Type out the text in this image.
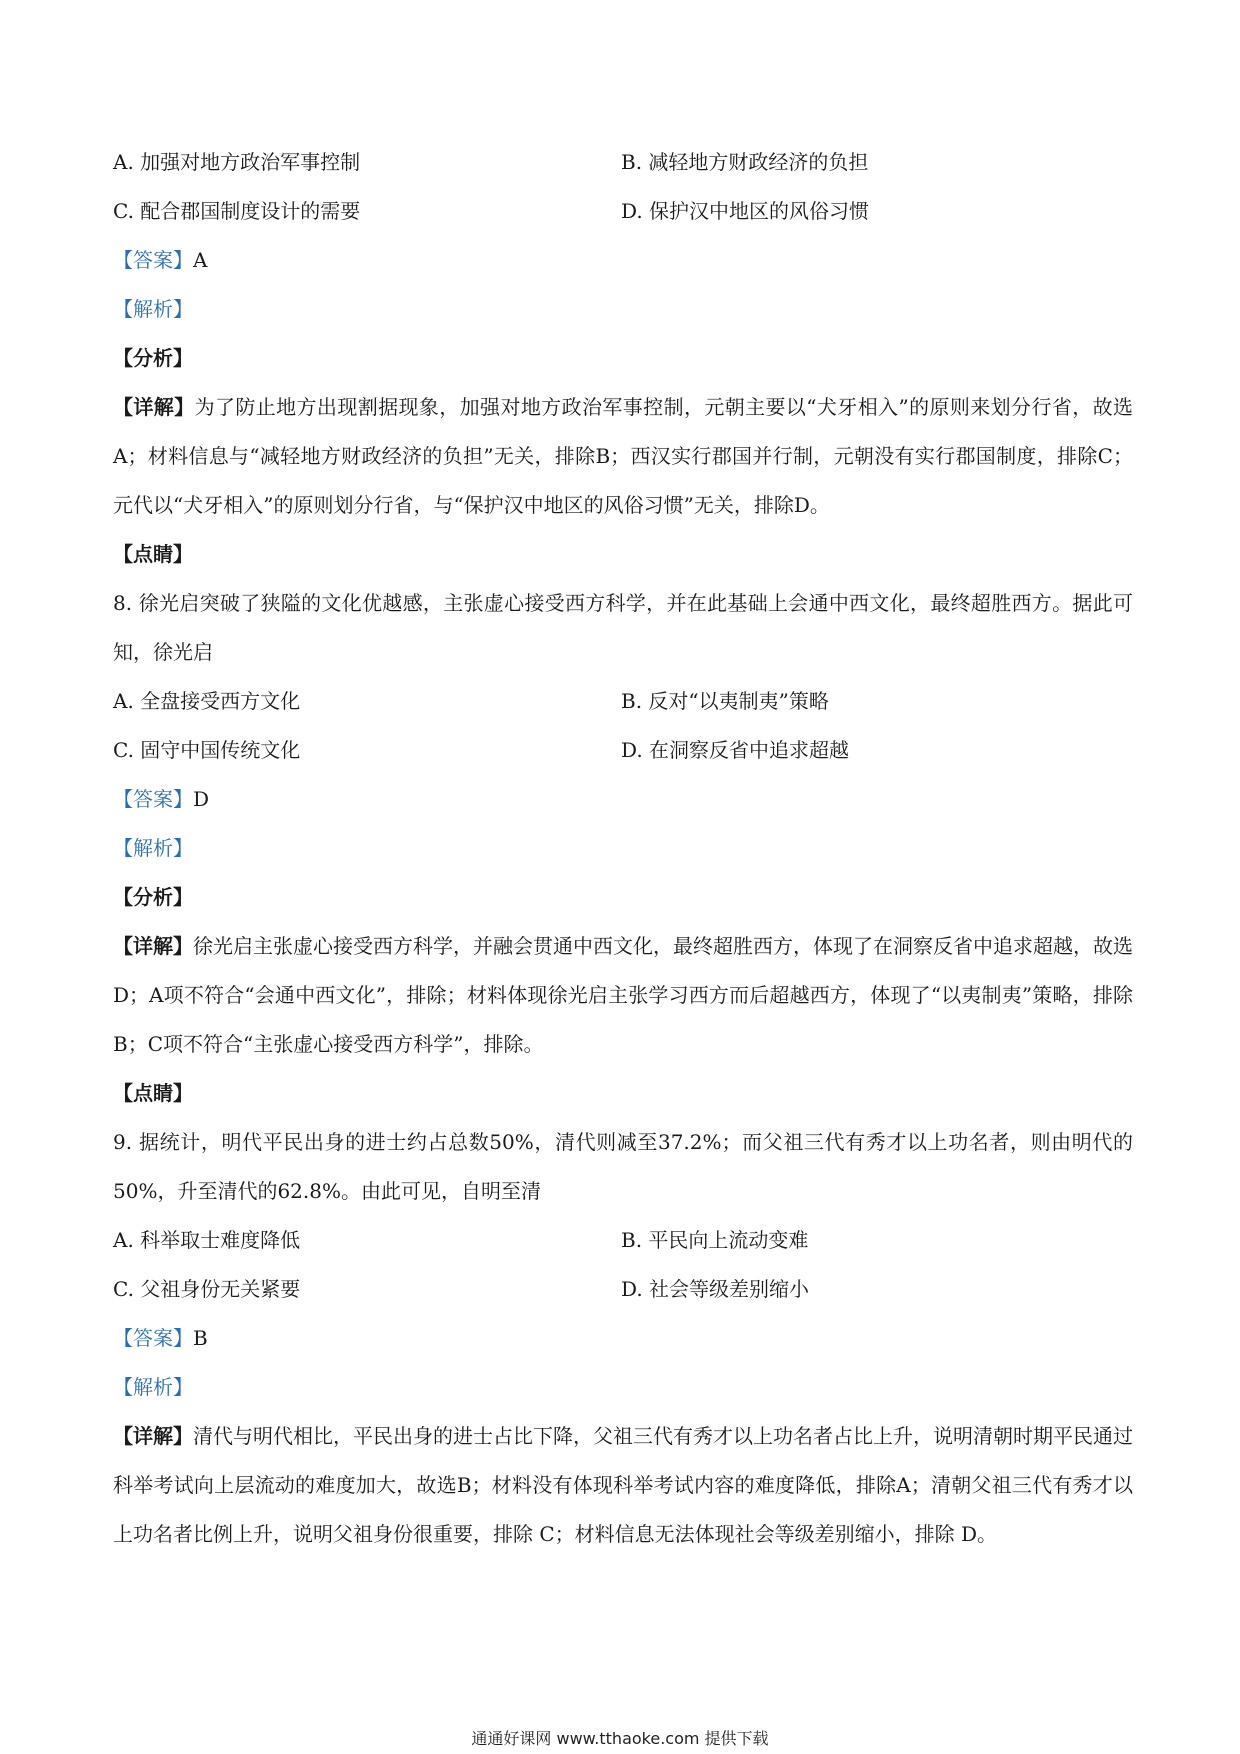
A. 加强对地方政治军事控制	B. 减轻地方财政经济的负担
C. 配合郡国制度设计的需要	D. 保护汉中地区的风俗习惯
【答案】A
【解析】
【分析】
【详解】为了防止地方出现割据现象，加强对地方政治军事控制，元朝主要以“犬牙相入”的原则来划分行省，故选A；材料信息与“减轻地方财政经济的负担”无关，排除B；西汉实行郡国并行制，元朝没有实行郡国制度，排除C；元代以“犬牙相入”的原则划分行省，与“保护汉中地区的风俗习惯”无关，排除D。
【点睛】
8. 徐光启突破了狭隘的文化优越感，主张虚心接受西方科学，并在此基础上会通中西文化，最终超胜西方。据此可知，徐光启
A. 全盘接受西方文化	B. 反对“以夷制夷”策略
C. 固守中国传统文化	D. 在洞察反省中追求超越
【答案】D
【解析】
【分析】
【详解】徐光启主张虚心接受西方科学，并融会贯通中西文化，最终超胜西方，体现了在洞察反省中追求超越，故选D；A项不符合“会通中西文化”，排除；材料体现徐光启主张学习西方而后超越西方，体现了“以夷制夷”策略，排除B；C项不符合“主张虚心接受西方科学”，排除。
【点睛】
9. 据统计，明代平民出身的进士约占总数50%，清代则减至37.2%；而父祖三代有秀才以上功名者，则由明代的50%，升至清代的62.8%。由此可见，自明至清
A. 科举取士难度降低	B. 平民向上流动变难
C. 父祖身份无关紧要	D. 社会等级差别缩小
【答案】B
【解析】
【详解】清代与明代相比，平民出身的进士占比下降，父祖三代有秀才以上功名者占比上升，说明清朝时期平民通过科举考试向上层流动的难度加大，故选B；材料没有体现科举考试内容的难度降低，排除A；清朝父祖三代有秀才以上功名者比例上升，说明父祖身份很重要，排除 C；材料信息无法体现社会等级差别缩小，排除 D。
通通好课网 www.tthaoke.com 提供下载
